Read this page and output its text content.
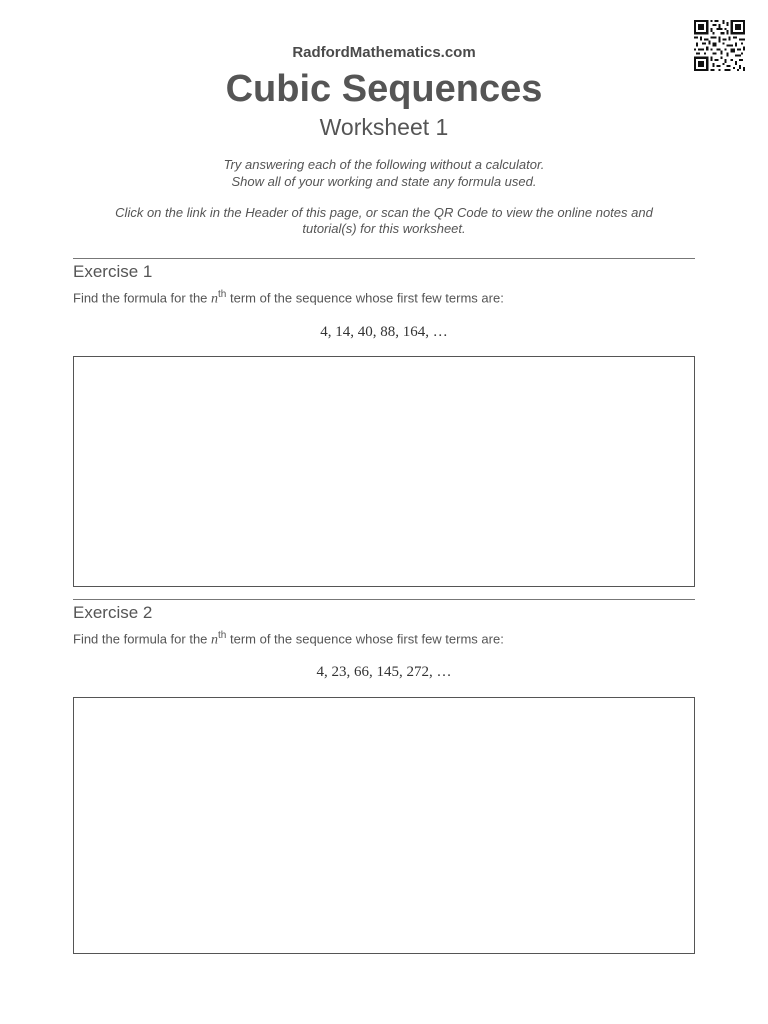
RadfordMathematics.com
Cubic Sequences
Worksheet 1
Try answering each of the following without a calculator.
Show all of your working and state any formula used.
Click on the link in the Header of this page, or scan the QR Code to view the online notes and
tutorial(s) for this worksheet.
Exercise 1
Find the formula for the $n^{th}$ term of the sequence whose first few terms are:
4, 14, 40, 88, 164, …
Exercise 2
Find the formula for the $n^{th}$ term of the sequence whose first few terms are:
4, 23, 66, 145, 272, …
